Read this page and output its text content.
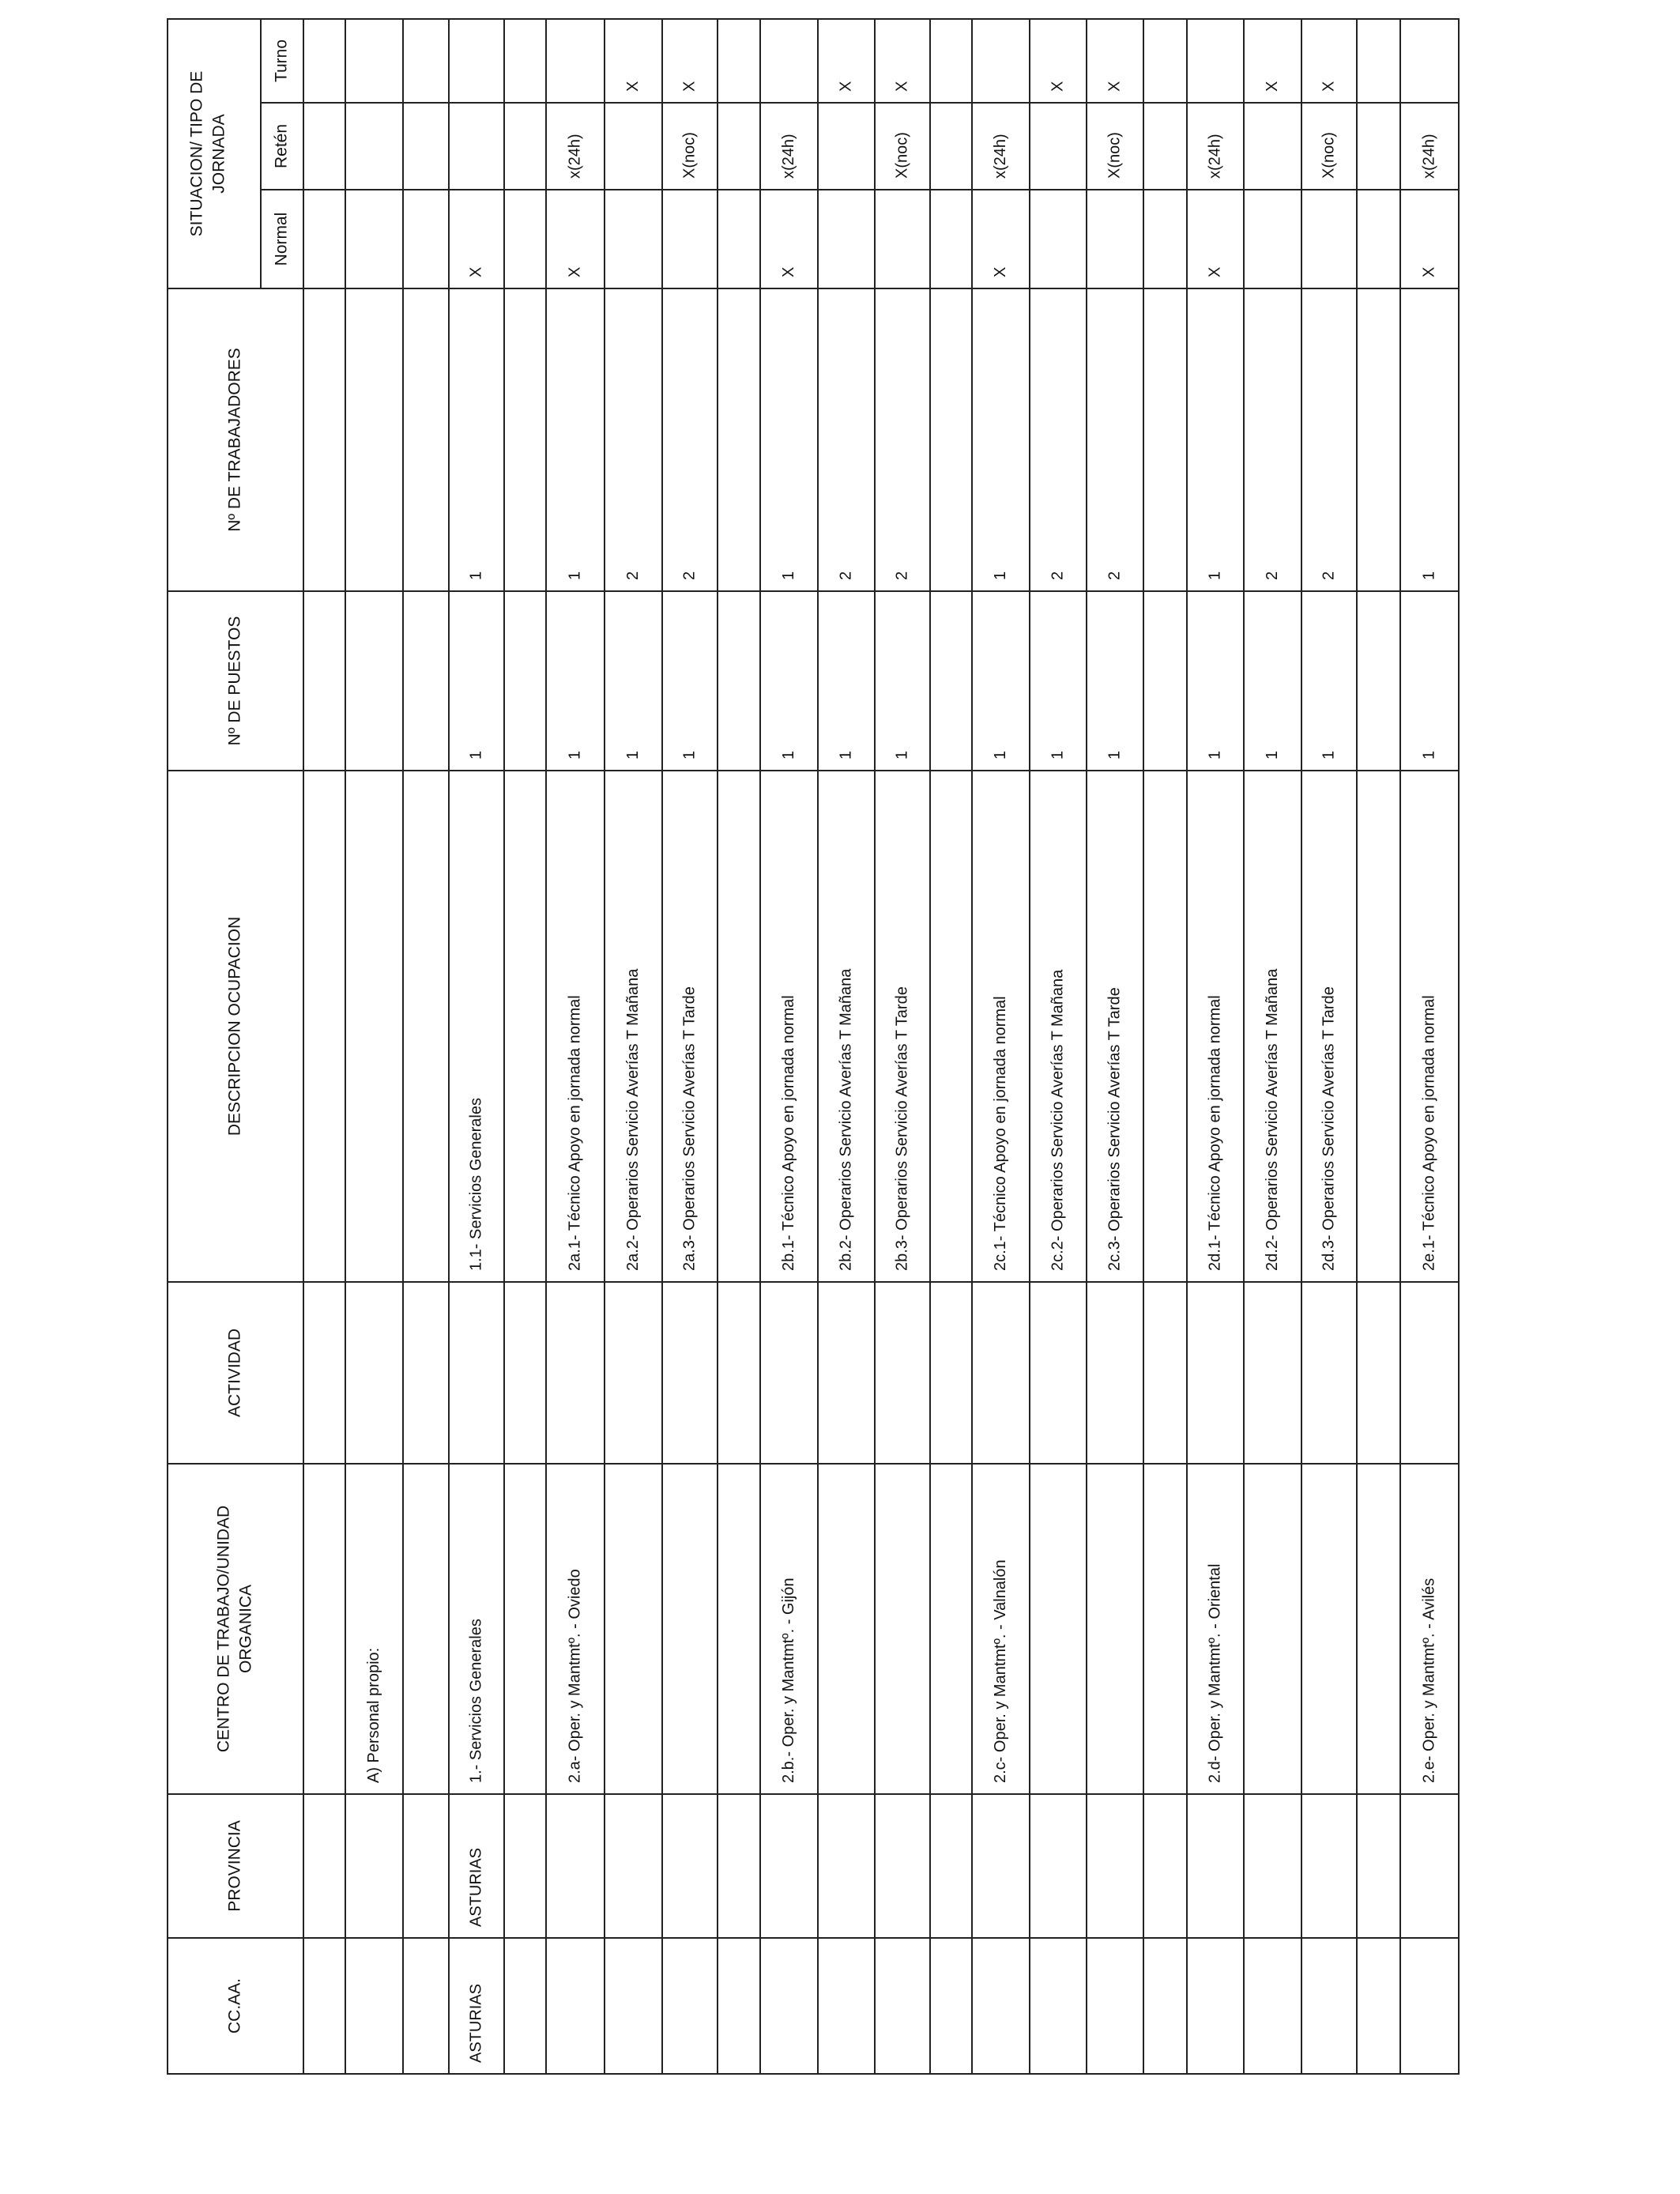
CC.AA.
PROVINCIA
CENTRO DE TRABAJO/UNIDAD ORGANICA
ACTIVIDAD
DESCRIPCION OCUPACION
Nº DE PUESTOS
Nº DE TRABAJADORES
SITUACION/ TIPO DE JORNADA
Normal
Retén
Turno
A) Personal propio:
ASTURIAS
ASTURIAS
1.- Servicios Generales
1.1- Servicios Generales
1
1
X
2.a- Oper. y Mantmtº. - Oviedo
2a.1- Técnico Apoyo en jornada normal
1
1
X
x(24h)
2a.2- Operarios Servicio Averías T Mañana
1
2
X
2a.3- Operarios Servicio Averías T Tarde
1
2
X(noc)
X
2.b.- Oper. y Mantmtº. - Gijón
2b.1- Técnico Apoyo en jornada normal
1
1
X
x(24h)
2b.2- Operarios Servicio Averías T Mañana
1
2
X
2b.3- Operarios Servicio Averías T Tarde
1
2
X(noc)
X
2.c- Oper. y Mantmtº. - Valnalón
2c.1- Técnico Apoyo en jornada normal
1
1
X
x(24h)
2c.2- Operarios Servicio Averías T Mañana
1
2
X
2c.3- Operarios Servicio Averías T Tarde
1
2
X(noc)
X
2.d- Oper. y Mantmtº. - Oriental
2d.1- Técnico Apoyo en jornada normal
1
1
X
x(24h)
2d.2- Operarios Servicio Averías T Mañana
1
2
X
2d.3- Operarios Servicio Averías T Tarde
1
2
X(noc)
X
2.e- Oper. y Mantmtº. - Avilés
2e.1- Técnico Apoyo en jornada normal
1
1
X
x(24h)
